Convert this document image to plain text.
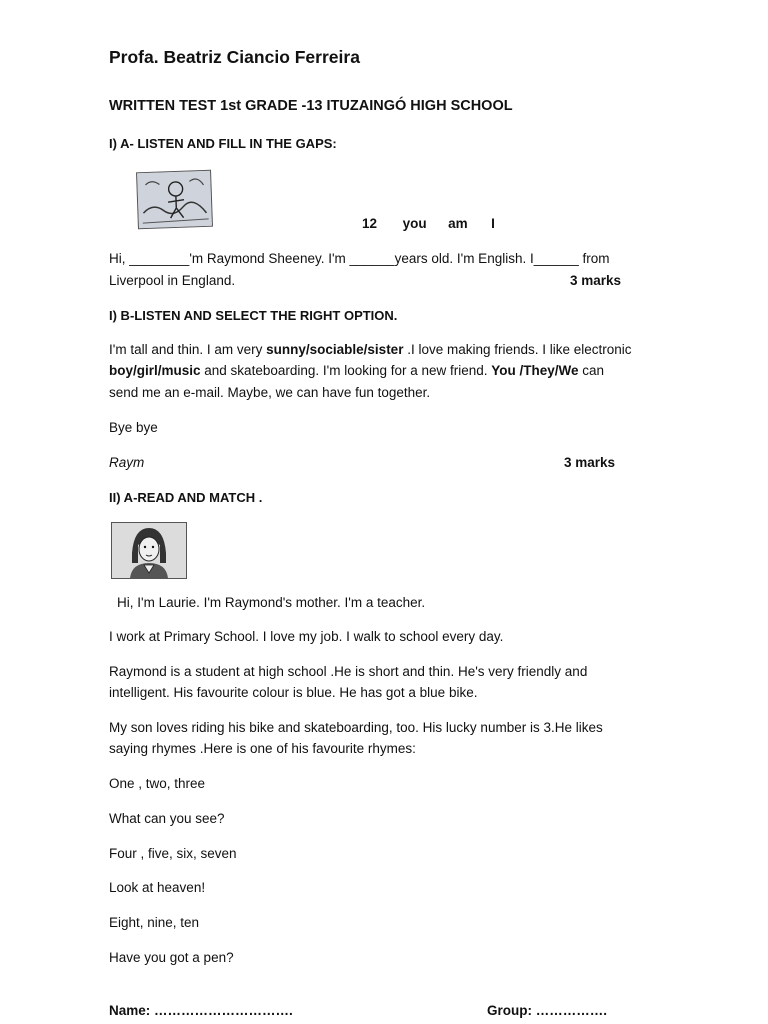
Profa. Beatriz Ciancio Ferreira
WRITTEN TEST 1st GRADE -13 ITUZAINGÓ HIGH SCHOOL
I) A- LISTEN AND FILL IN THE GAPS:
12 you am I
Hi, ________'m Raymond Sheeney. I'm ______years old. I'm English. I______ from
Liverpool in England.	3 marks
I) B-LISTEN AND SELECT THE RIGHT OPTION.
I'm tall and thin. I am very sunny/sociable/sister .I love making friends. I like electronic
boy/girl/music and skateboarding. I'm looking for a new friend. You /They/We can
send me an e-mail. Maybe, we can have fun together.
Bye bye
Raym	3 marks
II) A-READ AND MATCH .
Hi, I'm Laurie. I'm Raymond's mother. I'm a teacher.
I work at Primary School. I love my job. I walk to school every day.
Raymond is a student at high school .He is short and thin. He's very friendly and
intelligent. His favourite colour is blue. He has got a blue bike.
My son loves riding his bike and skateboarding, too. His lucky number is 3.He likes
saying rhymes .Here is one of his favourite rhymes:
One , two, three
What can you see?
Four , five, six, seven
Look at heaven!
Eight, nine, ten
Have you got a pen?
Name: ………………………….	Group: …………….
